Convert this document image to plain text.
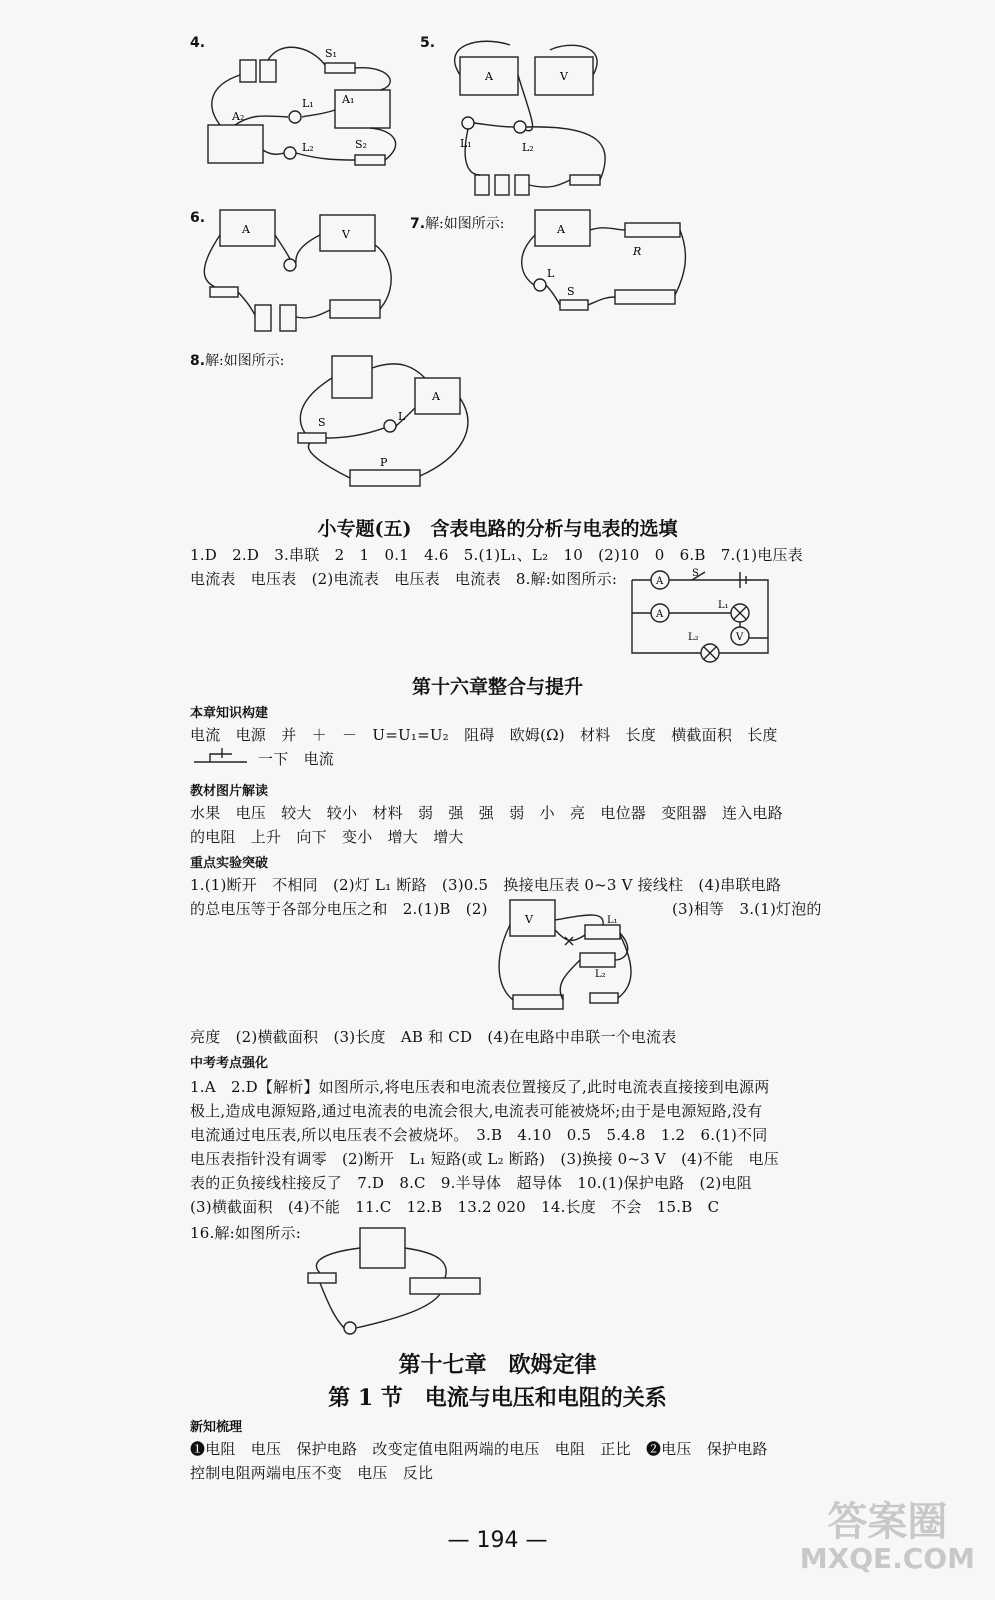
4.
S₁
A₂
L₁	A₁
L₂	S₂
5.
A	V
L₁	L₂
6.
A	V
7.解:如图所示:	A
R
L
S
8.解:如图所示:
S	L
A
P
小专题(五)　含表电路的分析与电表的选填
1.D　2.D　3.串联　2　1　0.1　4.6　5.(1)L₁、L₂　10　(2)10　0　6.B　7.(1)电压表
电流表　电压表　(2)电流表　电压表　电流表　8.解:如图所示:	A
S
A
L₁
L₂	V
第十六章整合与提升
本章知识构建
电流　电源　并　＋　－　U=U₁=U₂　阻碍　欧姆(Ω)　材料　长度　横截面积　长度
一下　电流
教材图片解读
水果　电压　较大　较小　材料　弱　强　强　弱　小　亮　电位器　变阻器　连入电路
的电阻　上升　向下　变小　增大　增大
重点实验突破
1.(1)断开　不相同　(2)灯 L₁ 断路　(3)0.5　换接电压表 0~3 V 接线柱　(4)串联电路
的总电压等于各部分电压之和　2.(1)B　(2)	(3)相等　3.(1)灯泡的
V	L₁
L₂
亮度　(2)横截面积　(3)长度　AB 和 CD　(4)在电路中串联一个电流表
中考考点强化
1.A　2.D【解析】如图所示,将电压表和电流表位置接反了,此时电流表直接接到电源两
极上,造成电源短路,通过电流表的电流会很大,电流表可能被烧坏;由于是电源短路,没有
电流通过电压表,所以电压表不会被烧坏。　3.B　4.10　0.5　5.4.8　1.2　6.(1)不同
电压表指针没有调零　(2)断开　L₁ 短路(或 L₂ 断路)　(3)换接 0~3 V　(4)不能　电压
表的正负接线柱接反了　7.D　8.C　9.半导体　超导体　10.(1)保护电路　(2)电阻
(3)横截面积　(4)不能　11.C　12.B　13.2 020　14.长度　不会　15.B　C
16.解:如图所示:
第十七章　欧姆定律
第 1 节　电流与电压和电阻的关系
新知梳理
❶电阻　电压　保护电路　改变定值电阻两端的电压　电阻　正比　❷电压　保护电路
控制电阻两端电压不变　电压　反比
— 194 —	答案圈
MXQE.COM
